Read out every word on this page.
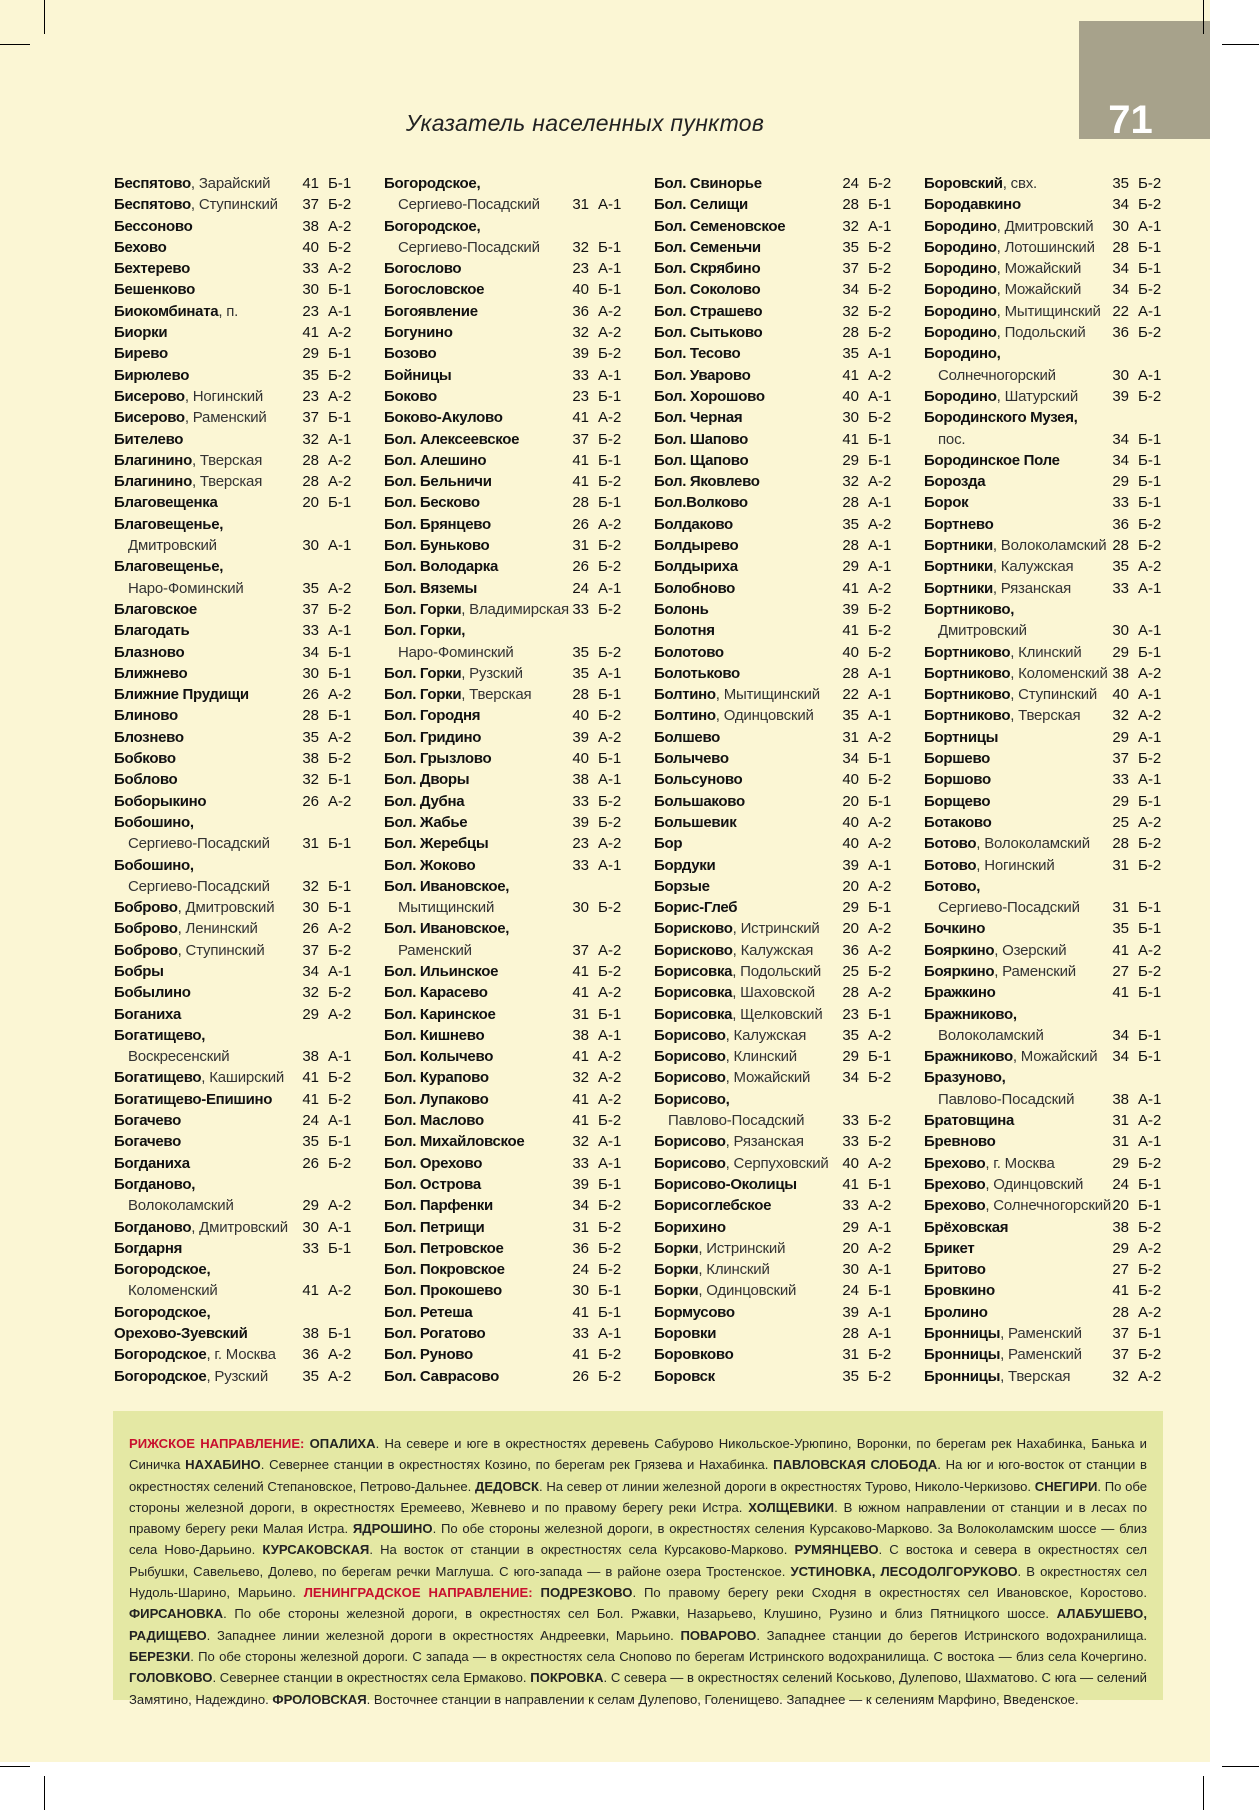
71
Указатель населенных пунктов
Беспятово, Зарайский	41 Б-1
Беспятово, Ступинский	37 Б-2
Бессоново	38 А-2
Бехово	40 Б-2
Бехтерево	33 А-2
Бешенково	30 Б-1
Биокомбината, п.	23 А-1
Биорки	41 А-2
Бирево	29 Б-1
Бирюлево	35 Б-2
Бисерово, Ногинский	23 А-2
Бисерово, Раменский	37 Б-1
Бителево	32 А-1
Благинино, Тверская	28 А-2
Благинино, Тверская	28 А-2
Благовещенка	20 Б-1
Благовещенье,
Дмитровский	30 А-1
Благовещенье,
Наро-Фоминский	35 А-2
Благовское	37 Б-2
Благодать	33 А-1
Блазново	34 Б-1
Ближнево	30 Б-1
Ближние Прудищи	26 А-2
Блиново	28 Б-1
Блознево	35 А-2
Бобково	38 Б-2
Боблово	32 Б-1
Боборыкино	26 А-2
Бобошино,
Сергиево-Посадский	31 Б-1
Бобошино,
Сергиево-Посадский	32 Б-1
Боброво, Дмитровский	30 Б-1
Боброво, Ленинский	26 А-2
Боброво, Ступинский	37 Б-2
Бобры	34 А-1
Бобылино	32 Б-2
Боганиха	29 А-2
Богатищево,
Воскресенский	38 А-1
Богатищево, Каширский	41 Б-2
Богатищево-Епишино	41 Б-2
Богачево	24 А-1
Богачево	35 Б-1
Богданиха	26 Б-2
Богданово,
Волоколамский	29 А-2
Богданово, Дмитровский 30 А-1
Богдарня	33 Б-1
Богородское,
Коломенский	41 А-2
Богородское,
Орехово-Зуевский	38 Б-1
Богородское, г. Москва	36 А-2
Богородское, Рузский	35 А-2
Богородское,
Сергиево-Посадский	31 А-1
Богородское,
Сергиево-Посадский	32 Б-1
Богослово	23 А-1
Богословское	40 Б-1
Богоявление	36 А-2
Богунино	32 А-2
Бозово	39 Б-2
Бойницы	33 А-1
Боково	23 Б-1
Боково-Акулово	41 А-2
Бол. Алексеевское	37 Б-2
Бол. Алешино	41 Б-1
Бол. Бельничи	41 Б-2
Бол. Бесково	28 Б-1
Бол. Брянцево	26 А-2
Бол. Буньково	31 Б-2
Бол. Володарка	26 Б-2
Бол. Вяземы	24 А-1
Бол. Горки, Владимирская 33 Б-2
Бол. Горки,
Наро-Фоминский	35 Б-2
Бол. Горки, Рузский	35 А-1
Бол. Горки, Тверская	28 Б-1
Бол. Городня	40 Б-2
Бол. Гридино	39 А-2
Бол. Грызлово	40 Б-1
Бол. Дворы	38 А-1
Бол. Дубна	33 Б-2
Бол. Жабье	39 Б-2
Бол. Жеребцы	23 А-2
Бол. Жоково	33 А-1
Бол. Ивановское,
Мытищинский	30 Б-2
Бол. Ивановское,
Раменский	37 А-2
Бол. Ильинское	41 Б-2
Бол. Карасево	41 А-2
Бол. Каринское	31 Б-1
Бол. Кишнево	38 А-1
Бол. Колычево	41 А-2
Бол. Курапово	32 А-2
Бол. Лупаково	41 А-2
Бол. Маслово	41 Б-2
Бол. Михайловское	32 А-1
Бол. Орехово	33 А-1
Бол. Острова	39 Б-1
Бол. Парфенки	34 Б-2
Бол. Петрищи	31 Б-2
Бол. Петровское	36 Б-2
Бол. Покровское	24 Б-2
Бол. Прокошево	30 Б-1
Бол. Ретеша	41 Б-1
Бол. Рогатово	33 А-1
Бол. Руново	41 Б-2
Бол. Саврасово	26 Б-2
Бол. Свинорье	24 Б-2
Бол. Селищи	28 Б-1
Бол. Семеновское	32 А-1
Бол. Семеньчи	35 Б-2
Бол. Скрябино	37 Б-2
Бол. Соколово	34 Б-2
Бол. Страшево	32 Б-2
Бол. Сытьково	28 Б-2
Бол. Тесово	35 А-1
Бол. Уварово	41 А-2
Бол. Хорошово	40 А-1
Бол. Черная	30 Б-2
Бол. Шапово	41 Б-1
Бол. Щапово	29 Б-1
Бол. Яковлево	32 А-2
Бол.Волково	28 А-1
Болдаково	35 А-2
Болдырево	28 А-1
Болдыриха	29 А-1
Болобново	41 А-2
Болонь	39 Б-2
Болотня	41 Б-2
Болотово	40 Б-2
Болотьково	28 А-1
Болтино, Мытищинский	22 А-1
Болтино, Одинцовский	35 А-1
Болшево	31 А-2
Болычево	34 Б-1
Больсуново	40 Б-2
Большаково	20 Б-1
Большевик	40 А-2
Бор	40 А-2
Бордуки	39 А-1
Борзые	20 А-2
Борис-Глеб	29 Б-1
Борисково, Истринский	20 А-2
Борисково, Калужская	36 А-2
Борисовка, Подольский	25 Б-2
Борисовка, Шаховской	28 А-2
Борисовка, Щелковский	23 Б-1
Борисово, Калужская	35 А-2
Борисово, Клинский	29 Б-1
Борисово, Можайский	34 Б-2
Борисово,
Павлово-Посадский	33 Б-2
Борисово, Рязанская	33 Б-2
Борисово, Серпуховский 40 А-2
Борисово-Околицы	41 Б-1
Борисоглебское	33 А-2
Борихино	29 А-1
Борки, Истринский	20 А-2
Борки, Клинский	30 А-1
Борки, Одинцовский	24 Б-1
Бормусово	39 А-1
Боровки	28 А-1
Боровково	31 Б-2
Боровск	35 Б-2
Боровский, свх.	35 Б-2
Бородавкино	34 Б-2
Бородино, Дмитровский	30 А-1
Бородино, Лотошинский	28 Б-1
Бородино, Можайский	34 Б-1
Бородино, Можайский	34 Б-2
Бородино, Мытищинский 22 А-1
Бородино, Подольский	36 Б-2
Бородино,
Солнечногорский	30 А-1
Бородино, Шатурский	39 Б-2
Бородинского Музея,
пос.	34 Б-1
Бородинское Поле	34 Б-1
Борозда	29 Б-1
Борок	33 Б-1
Бортнево	36 Б-2
Бортники, Волоколамский 28 Б-2
Бортники, Калужская	35 А-2
Бортники, Рязанская	33 А-1
Бортниково,
Дмитровский	30 А-1
Бортниково, Клинский	29 Б-1
Бортниково, Коломенский 38 А-2
Бортниково, Ступинский	40 А-1
Бортниково, Тверская	32 А-2
Бортницы	29 А-1
Боршево	37 Б-2
Боршово	33 А-1
Борщево	29 Б-1
Ботаково	25 А-2
Ботово, Волоколамский	28 Б-2
Ботово, Ногинский	31 Б-2
Ботово,
Сергиево-Посадский	31 Б-1
Бочкино	35 Б-1
Бояркино, Озерский	41 А-2
Бояркино, Раменский	27 Б-2
Бражкино	41 Б-1
Бражниково,
Волоколамский	34 Б-1
Бражниково, Можайский 34 Б-1
Бразуново,
Павлово-Посадский	38 А-1
Братовщина	31 А-2
Бревново	31 А-1
Брехово, г. Москва	29 Б-2
Брехово, Одинцовский	24 Б-1
Брехово, Солнечногорский 20 Б-1
Брёховская	38 Б-2
Брикет	29 А-2
Бритово	27 Б-2
Бровкино	41 Б-2
Бролино	28 А-2
Бронницы, Раменский	37 Б-1
Бронницы, Раменский	37 Б-2
Бронницы, Тверская	32 А-2

РИЖСКОЕ НАПРАВЛЕНИЕ: ОПАЛИХА. На севере и юге в окрестностях деревень Сабурово Никольское-Урюпино, Воронки, по берегам рек Нахабинка, Банька и Синичка НАХАБИНО. Севернее станции в окрестностях Козино, по берегам рек Грязева и Нахабинка. ПАВЛОВСКАЯ СЛОБОДА. На юг и юго-восток от станции в окрестностях селений Степановское, Петрово-Дальнее. ДЕДОВСК. На север от линии железной дороги в окрестностях Турово, Николо-Черкизово. СНЕГИРИ. По обе стороны железной дороги, в окрестностях Еремеево, Жевнево и по правому берегу реки Истра. ХОЛЩЕВИКИ. В южном направлении от станции и в лесах по правому берегу реки Малая Истра. ЯДРОШИНО. По обе стороны железной дороги, в окрестностях селения Курсаково-Марково. За Волоколамским шоссе — близ села Ново-Дарьино. КУРСАКОВСКАЯ. На восток от станции в окрестностях села Курсаково-Марково. РУМЯНЦЕВО. С востока и севера в окрестностях сел Рыбушки, Савельево, Долево, по берегам речки Маглуша. С юго-запада — в районе озера Тростенское. УСТИНОВКА, ЛЕСОДОЛГОРУКОВО. В окрестностях сел Нудоль-Шарино, Марьино. ЛЕНИНГРАДСКОЕ НАПРАВЛЕНИЕ: ПОДРЕЗКОВО. По правому берегу реки Сходня в окрестностях сел Ивановское, Коростово. ФИРСАНОВКА. По обе стороны железной дороги, в окрестностях сел Бол. Ржавки, Назарьево, Клушино, Рузино и близ Пятницкого шоссе. АЛАБУШЕВО, РАДИЩЕВО. Западнее линии железной дороги в окрестностях Андреевки, Марьино. ПОВАРОВО. Западнее станции до берегов Истринского водохранилища. БЕРЕЗКИ. По обе стороны железной дороги. С запада — в окрестностях села Снопово по берегам Истринского водохранилища. С востока — близ села Кочергино. ГОЛОВКОВО. Севернее станции в окрестностях села Ермакoвo. ПОКРОВКА. С севера — в окрестностях селений Коськово, Дулепово, Шахматово. С юга — селений Замятино, Надеждино. ФРОЛОВСКАЯ. Восточнее станции в направлении к селам Дулепово, Голенищево. Западнее — к селениям Марфино, Введенское.
